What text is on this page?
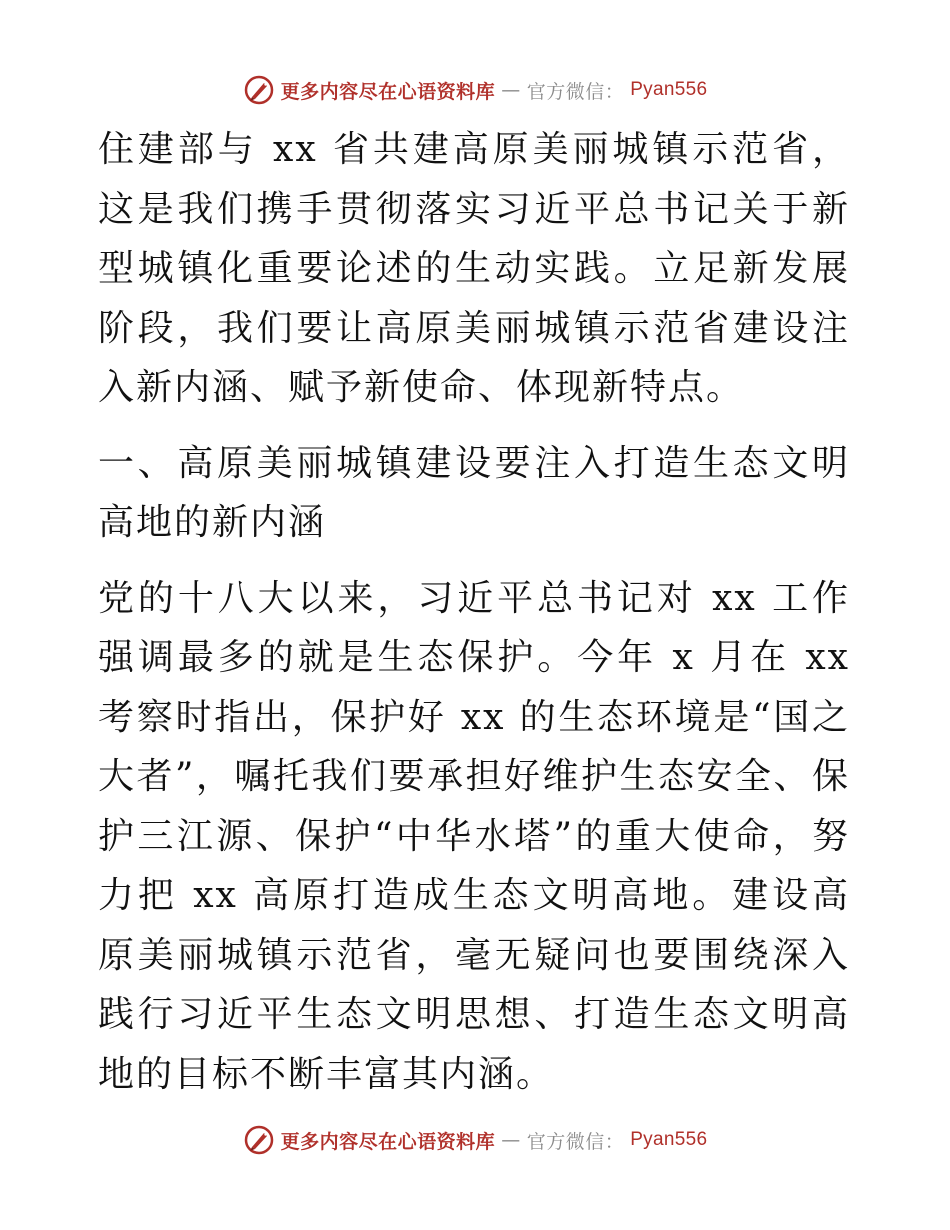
更多内容尽在心语资料库 — 官方微信： Pyan556

住建部与 xx 省共建高原美丽城镇示范省，这是我们携手贯彻落实习近平总书记关于新型城镇化重要论述的生动实践。立足新发展阶段，我们要让高原美丽城镇示范省建设注入新内涵、赋予新使命、体现新特点。

一、高原美丽城镇建设要注入打造生态文明高地的新内涵

党的十八大以来，习近平总书记对 xx 工作强调最多的就是生态保护。今年 x 月在 xx 考察时指出，保护好 xx 的生态环境是“国之大者”，嘱托我们要承担好维护生态安全、保护三江源、保护“中华水塔”的重大使命，努力把 xx 高原打造成生态文明高地。建设高原美丽城镇示范省，毫无疑问也要围绕深入践行习近平生态文明思想、打造生态文明高地的目标不断丰富其内涵。

更多内容尽在心语资料库 — 官方微信： Pyan556
